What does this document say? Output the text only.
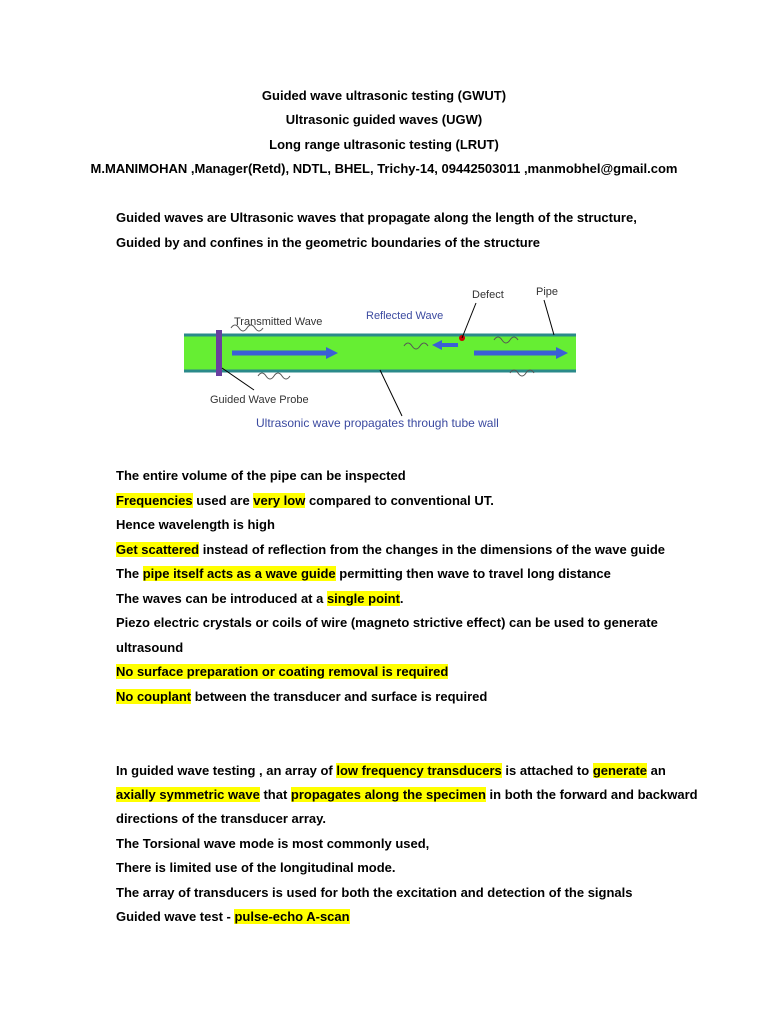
Guided wave ultrasonic testing (GWUT)
Ultrasonic guided waves (UGW)
Long range ultrasonic testing (LRUT)
M.MANIMOHAN ,Manager(Retd), NDTL, BHEL, Trichy-14, 09442503011 ,manmobhel@gmail.com
Guided waves are Ultrasonic waves that propagate along the length of the structure,
Guided by and confines in the geometric boundaries of the structure
Transmitted Wave	Reflected Wave
Defect	Pipe
Guided Wave Probe
Ultrasonic wave propagates through tube wall
The entire volume of the pipe can be inspected
Frequencies used are very low compared to conventional UT.
Hence wavelength is high
Get scattered instead of reflection from the changes in the dimensions of the wave guide
The pipe itself acts as a wave guide permitting then wave to travel long distance
The waves can be introduced at a single point.
Piezo electric crystals or coils of wire (magneto strictive effect) can be used to generate
ultrasound
No surface preparation or coating removal is required
No couplant between the transducer and surface is required
In guided wave testing , an array of low frequency transducers is attached to generate an
axially symmetric wave that propagates along the specimen in both the forward and backward
directions of the transducer array.
The Torsional wave mode is most commonly used,
There is limited use of the longitudinal mode.
The array of transducers is used for both the excitation and detection of the signals
Guided wave test - pulse-echo A-scan
